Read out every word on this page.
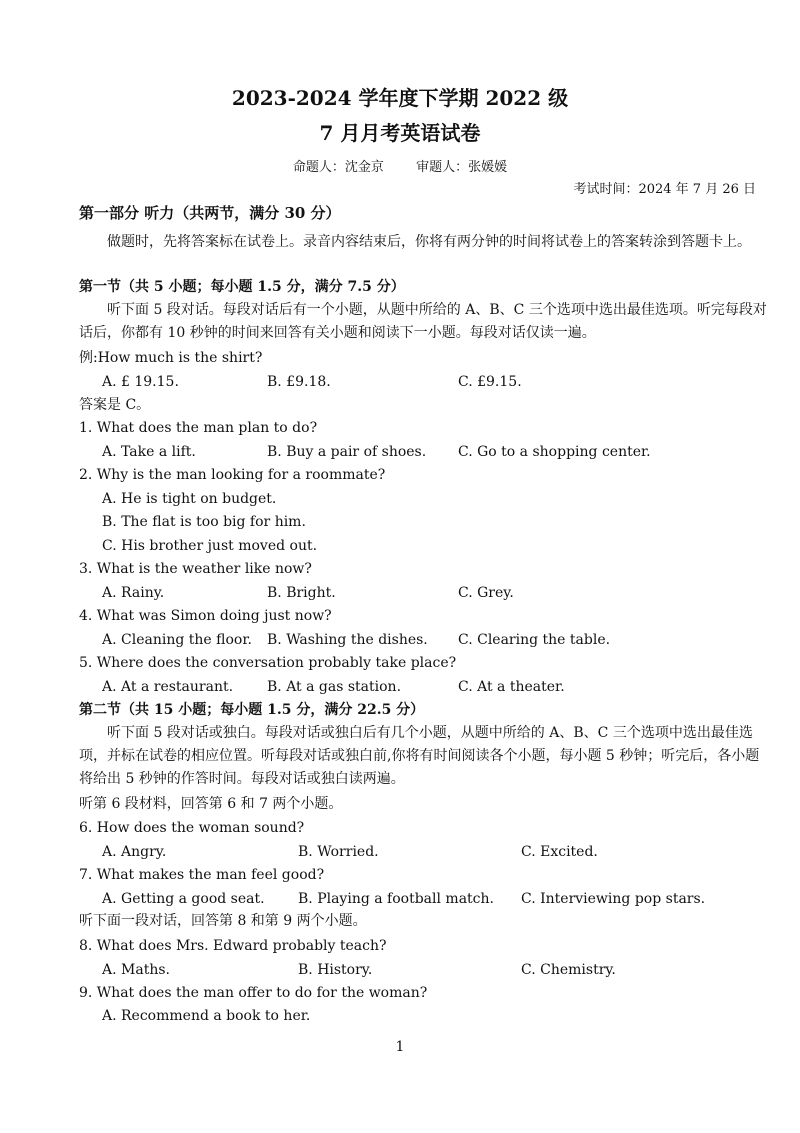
2023-2024 学年度下学期 2022 级
7 月月考英语试卷
命题人：沈金京 审题人：张媛媛
考试时间：2024 年 7 月 26 日
第一部分 听力（共两节，满分 30 分）
做题时，先将答案标在试卷上。录音内容结束后，你将有两分钟的时间将试卷上的答案转涂到答题卡上。
第一节（共 5 小题；每小题 1.5 分，满分 7.5 分）
听下面 5 段对话。每段对话后有一个小题，从题中所给的 A、B、C 三个选项中选出最佳选项。听完每段对话后，你都有 10 秒钟的时间来回答有关小题和阅读下一小题。每段对话仅读一遍。
例:How much is the shirt?
A. £ 19.15.	B. £9.18.	C. £9.15.
答案是 C。
1. What does the man plan to do?
A. Take a lift.	B. Buy a pair of shoes. C. Go to a shopping center.
2. Why is the man looking for a roommate?
A. He is tight on budget.
B. The flat is too big for him.
C. His brother just moved out.
3. What is the weather like now?
A. Rainy.	B. Bright.	C. Grey.
4. What was Simon doing just now?
A. Cleaning the floor. B. Washing the dishes. C. Clearing the table.
5. Where does the conversation probably take place?
A. At a restaurant. B. At a gas station.	C. At a theater.
第二节（共 15 小题；每小题 1.5 分，满分 22.5 分）
听下面 5 段对话或独白。每段对话或独白后有几个小题，从题中所给的 A、B、C 三个选项中选出最佳选项，并标在试卷的相应位置。听每段对话或独白前,你将有时间阅读各个小题，每小题 5 秒钟；听完后，各小题将给出 5 秒钟的作答时间。每段对话或独白读两遍。
听第 6 段材料，回答第 6 和 7 两个小题。
6. How does the woman sound?
A. Angry.	B. Worried.	C. Excited.
7. What makes the man feel good?
A. Getting a good seat. B. Playing a football match. C. Interviewing pop stars.
听下面一段对话，回答第 8 和第 9 两个小题。
8. What does Mrs. Edward probably teach?
A. Maths.	B. History.	C. Chemistry.
9. What does the man offer to do for the woman?
A. Recommend a book to her.
1
